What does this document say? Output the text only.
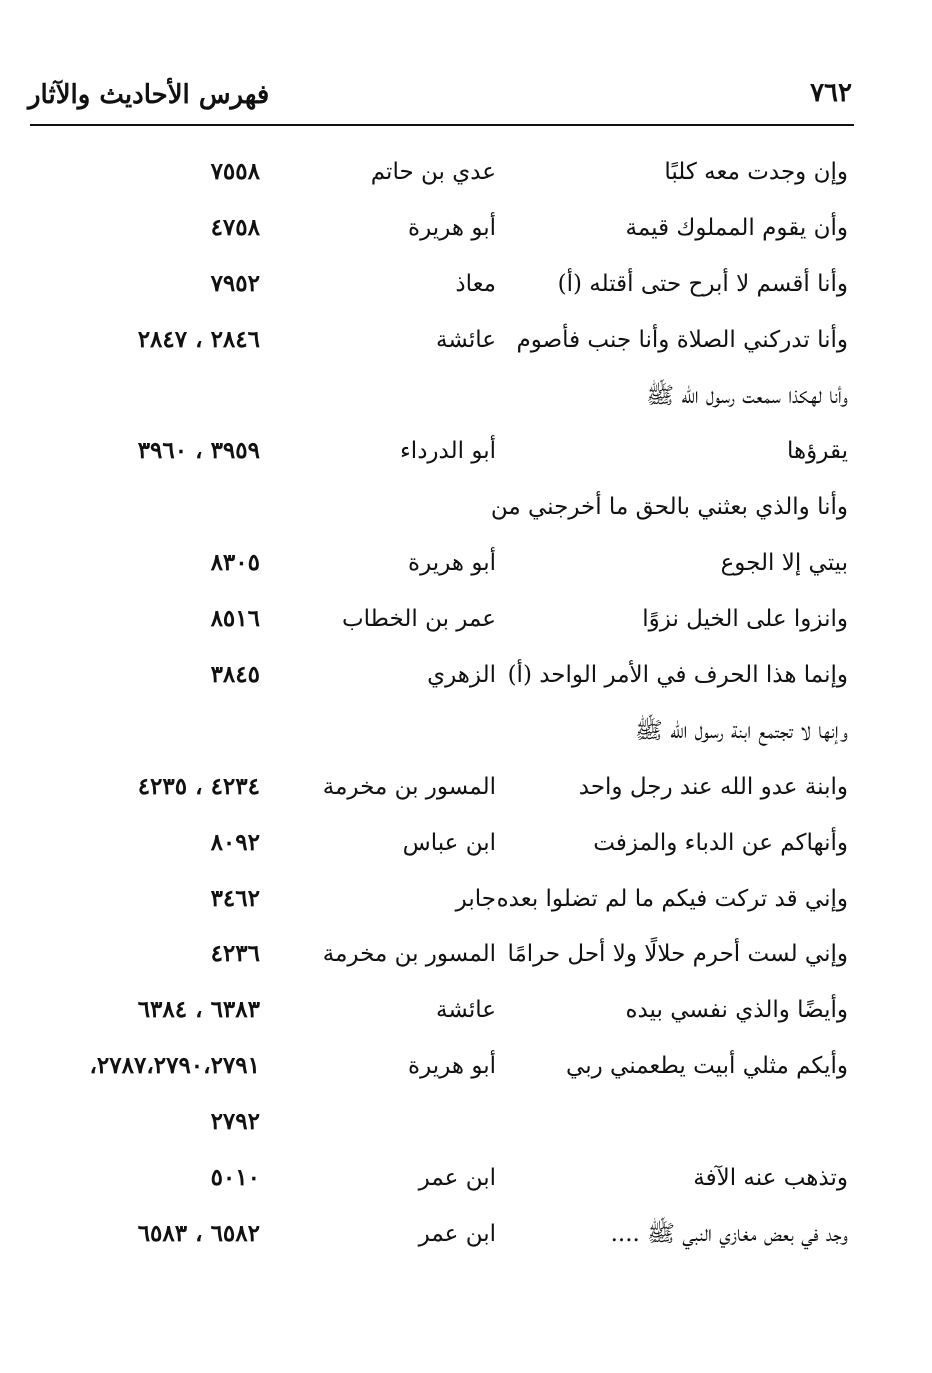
٧٦٢
فهرس الأحاديث والآثار
وإن وجدت معه كلبًا
عدي بن حاتم
٧٥٥٨
وأن يقوم المملوك قيمة
أبو هريرة
٤٧٥٨
وأنا أقسم لا أبرح حتى أقتله (أ)
معاذ
٧٩٥٢
وأنا تدركني الصلاة وأنا جنب فأصوم
عائشة
٢٨٤٦ ، ٢٨٤٧
وأنا لهكذا سمعت رسول الله ﷺ
يقرؤها
أبو الدرداء
٣٩٥٩ ، ٣٩٦٠
وأنا والذي بعثني بالحق ما أخرجني من
بيتي إلا الجوع
أبو هريرة
٨٣٠٥
وانزوا على الخيل نزوًا
عمر بن الخطاب
٨٥١٦
وإنما هذا الحرف في الأمر الواحد (أ)
الزهري
٣٨٤٥
وإنها لا تجتمع ابنة رسول الله ﷺ
وابنة عدو الله عند رجل واحد
المسور بن مخرمة
٤٢٣٤ ، ٤٢٣٥
وأنهاكم عن الدباء والمزفت
ابن عباس
٨٠٩٢
وإني قد تركت فيكم ما لم تضلوا بعده
جابر
٣٤٦٢
وإني لست أحرم حلالًا ولا أحل حرامًا
المسور بن مخرمة
٤٢٣٦
وأيضًا والذي نفسي بيده
عائشة
٦٣٨٣ ، ٦٣٨٤
وأيكم مثلي أبيت يطعمني ربي
أبو هريرة
٢٧٨٧،٢٧٩٠،٢٧٩١،
٢٧٩٢
وتذهب عنه الآفة
ابن عمر
٥٠١٠
وجد في بعض مغازي النبي ﷺ ....
ابن عمر
٦٥٨٢ ، ٦٥٨٣
